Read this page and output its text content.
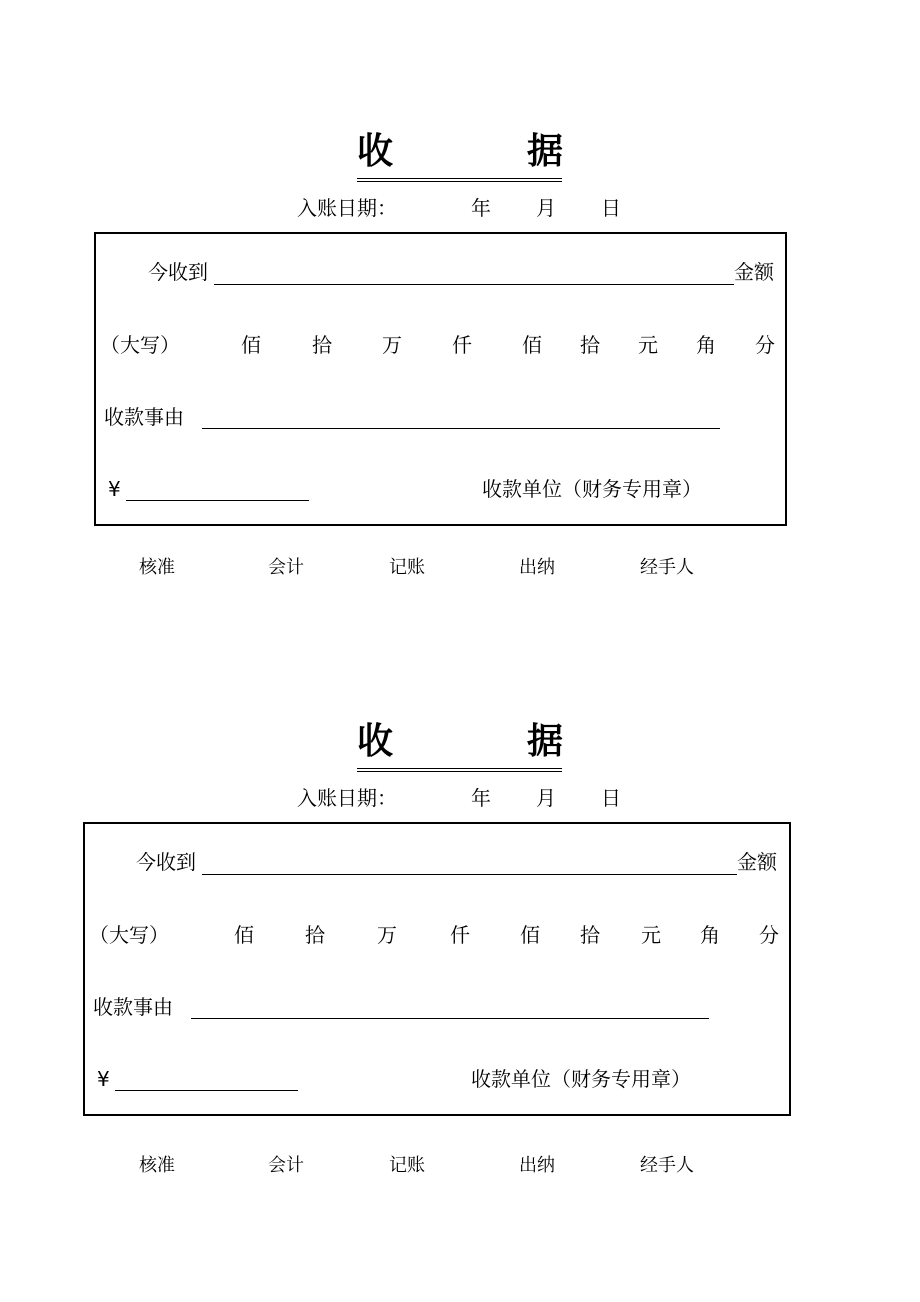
收	据
入账日期：	年 月 日
今收到	金额
（大写）	佰	拾	万	仟	佰 拾 元 角 分
收款事由
¥	收款单位（财务专用章）
核准	会计	记账	出纳	经手人
收	据
入账日期：	年 月 日
今收到	金额
（大写）	佰	拾	万	仟	佰 拾 元 角 分
收款事由
¥	收款单位（财务专用章）
核准	会计	记账	出纳	经手人
